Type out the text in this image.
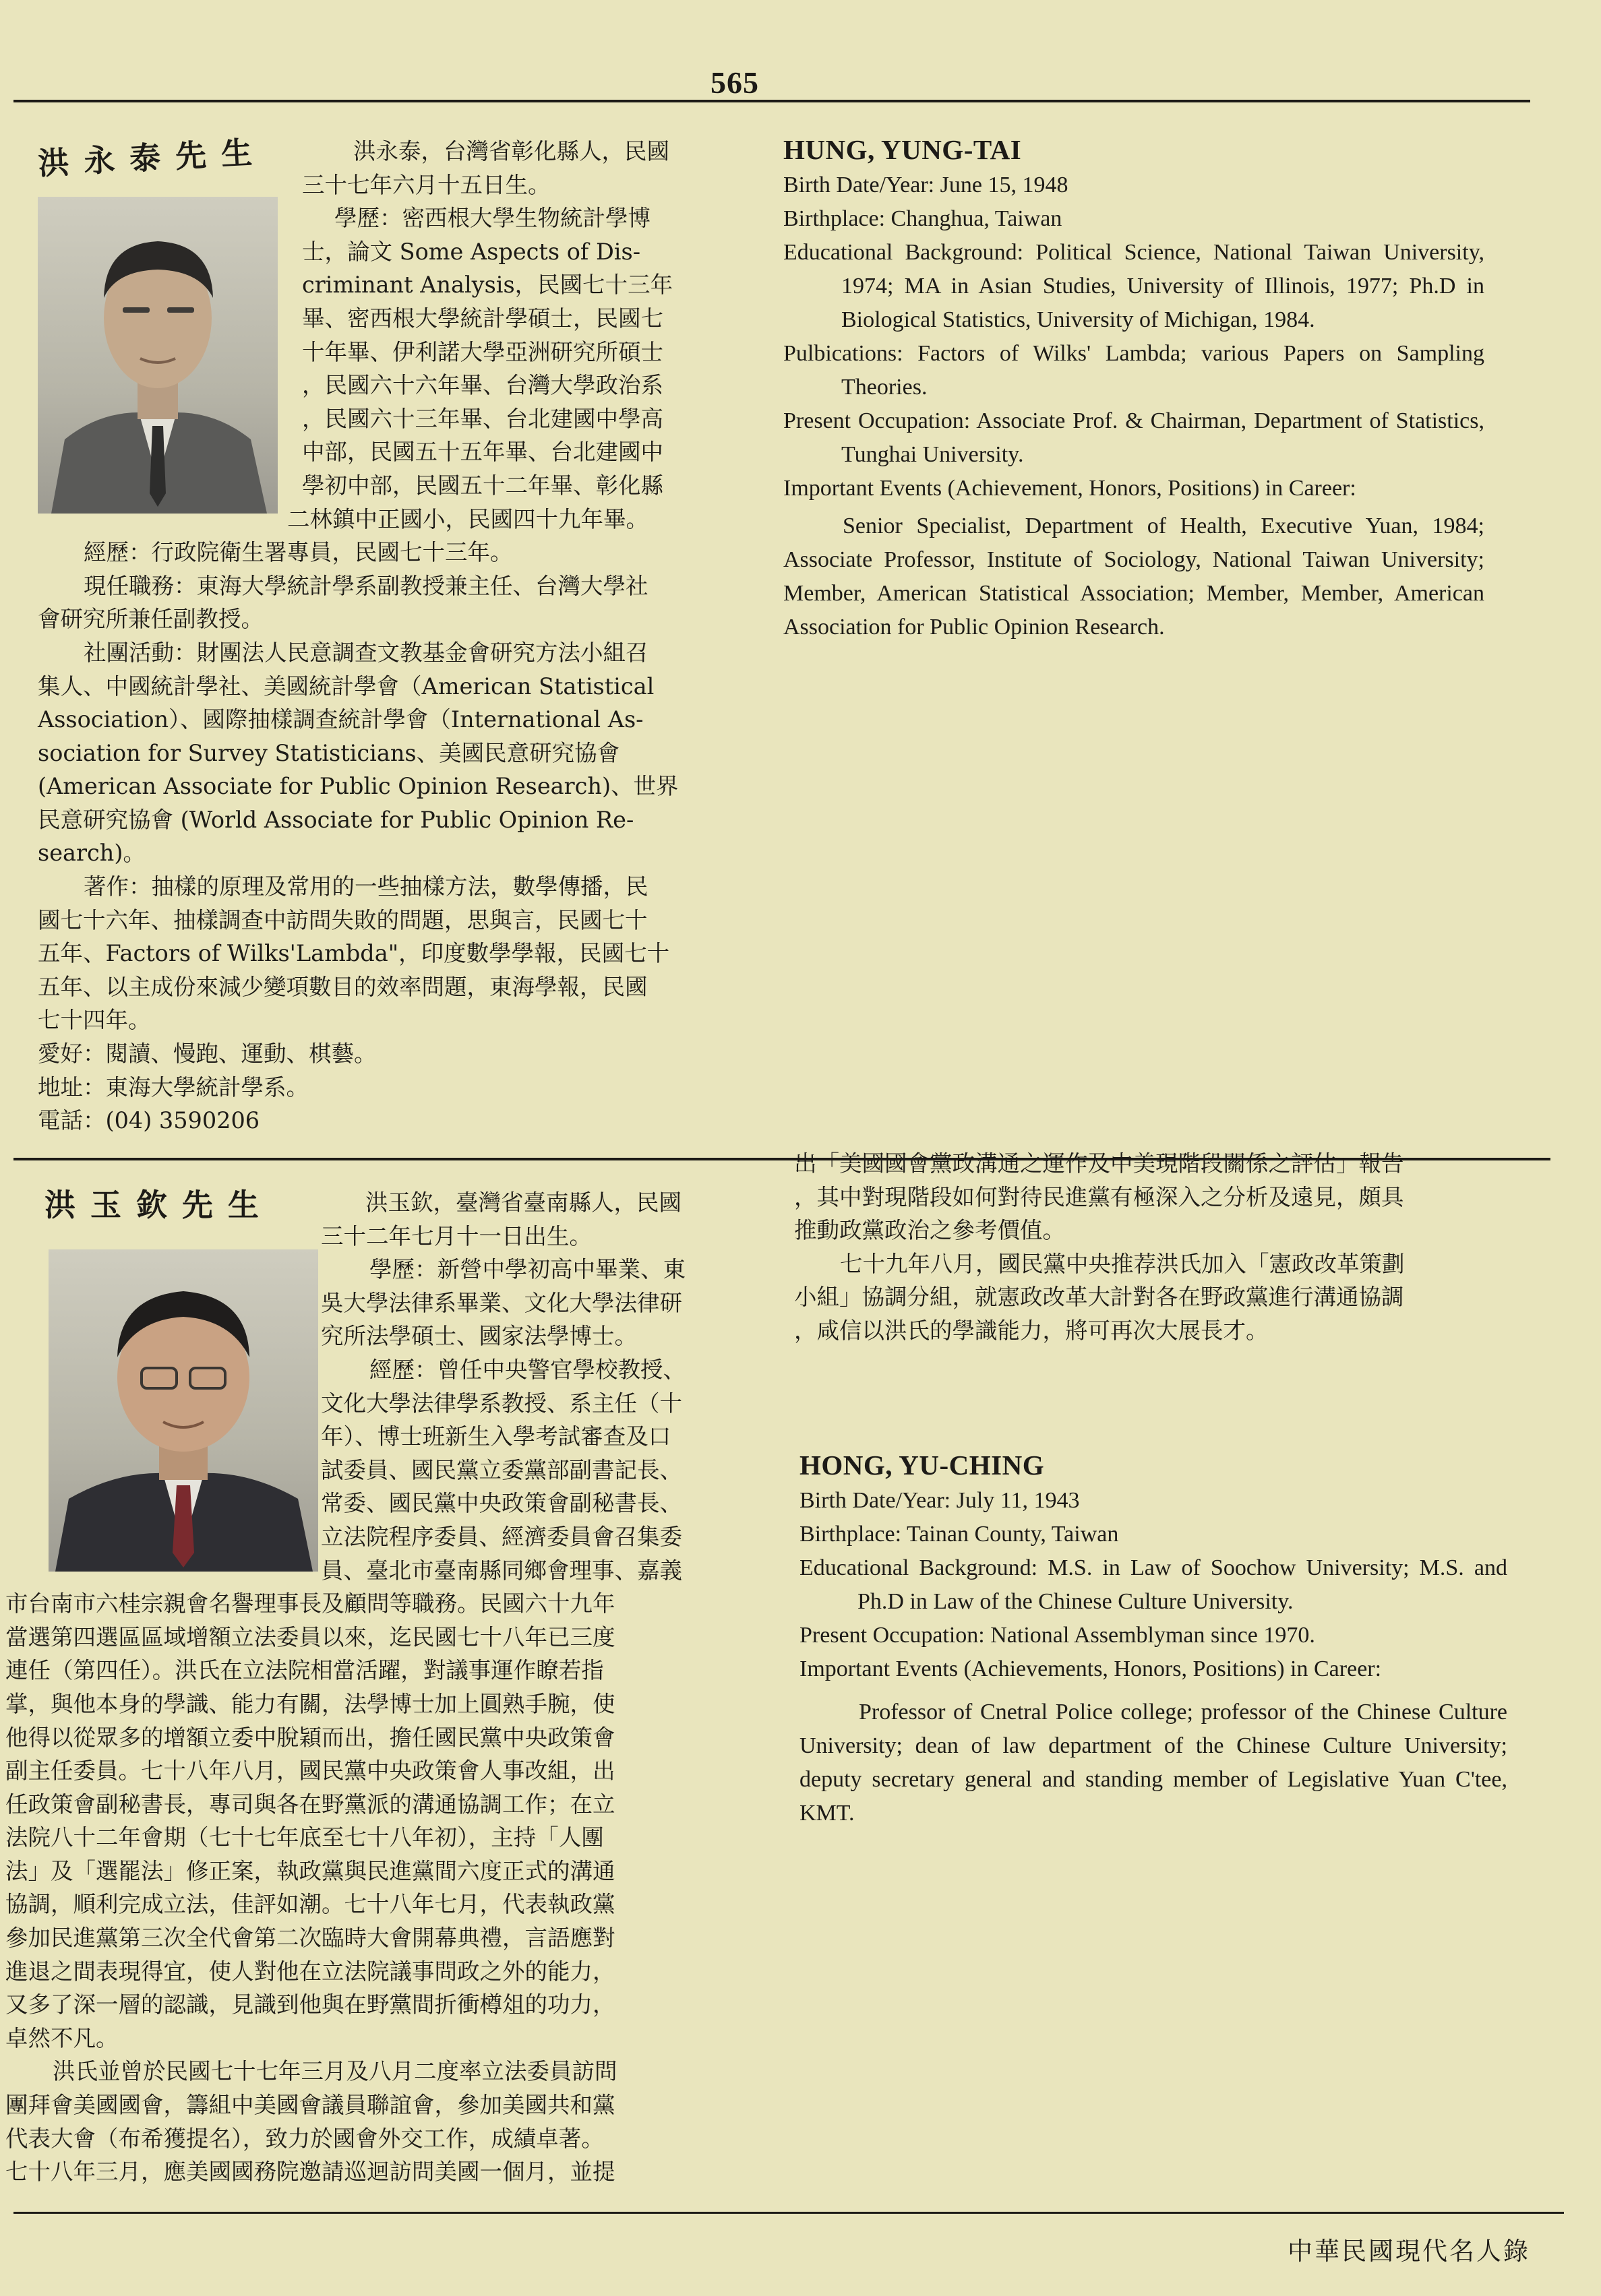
565
洪永泰先生	洪永泰，台灣省彰化縣人，民國
三十七年六月十五日生。
學歷：密西根大學生物統計學博
士，論文 Some Aspects of Dis-
criminant Analysis，民國七十三年
畢、密西根大學統計學碩士，民國七
十年畢、伊利諾大學亞洲研究所碩士
，民國六十六年畢、台灣大學政治系
，民國六十三年畢、台北建國中學高
中部，民國五十五年畢、台北建國中
學初中部，民國五十二年畢、彰化縣
二林鎮中正國小，民國四十九年畢。
經歷：行政院衛生署專員，民國七十三年。
現任職務：東海大學統計學系副教授兼主任、台灣大學社
會研究所兼任副教授。
社團活動：財團法人民意調查文教基金會研究方法小組召
集人、中國統計學社、美國統計學會（American Statistical
Association）、國際抽樣調查統計學會（International As-
sociation for Survey Statisticians、美國民意研究協會
(American Associate for Public Opinion Research)、世界
民意研究協會 (World Associate for Public Opinion Re-
search)。
著作：抽樣的原理及常用的一些抽樣方法，數學傳播，民
國七十六年、抽樣調查中訪問失敗的問題，思與言，民國七十
五年、Factors of Wilks'Lambda"，印度數學學報，民國七十
五年、以主成份來減少變項數目的效率問題，東海學報，民國
七十四年。
愛好：閱讀、慢跑、運動、棋藝。
地址：東海大學統計學系。
電話：(04) 3590206
HUNG, YUNG-TAI
Birth Date/Year: June 15, 1948
Birthplace: Changhua, Taiwan
Educational Background: Political Science, National Taiwan University, 1974; MA in Asian Studies, University of Illinois, 1977; Ph.D in Biological Statistics, University of Michigan, 1984.
Pulbications: Factors of Wilks' Lambda; various Papers on Sampling Theories.
Present Occupation: Associate Prof. & Chairman, Department of Statistics, Tunghai University.
Important Events (Achievement, Honors, Positions) in Career:
Senior Specialist, Department of Health, Executive Yuan, 1984; Associate Professor, Institute of Sociology, National Taiwan University; Member, American Statistical Association; Member, Member, American Association for Public Opinion Research.
洪玉欽先生	洪玉欽，臺灣省臺南縣人，民國
三十二年七月十一日出生。
學歷：新營中學初高中畢業、東
吳大學法律系畢業、文化大學法律研
究所法學碩士、國家法學博士。
經歷：曾任中央警官學校教授、
文化大學法律學系教授、系主任（十
年）、博士班新生入學考試審查及口
試委員、國民黨立委黨部副書記長、
常委、國民黨中央政策會副秘書長、
立法院程序委員、經濟委員會召集委
員、臺北市臺南縣同鄉會理事、嘉義
市台南市六桂宗親會名譽理事長及顧問等職務。民國六十九年
當選第四選區區域增額立法委員以來，迄民國七十八年已三度
連任（第四任）。洪氏在立法院相當活躍，對議事運作瞭若指
掌，與他本身的學識、能力有關，法學博士加上圓熟手腕，使
他得以從眾多的增額立委中脫穎而出，擔任國民黨中央政策會
副主任委員。七十八年八月，國民黨中央政策會人事改組，出
任政策會副秘書長，專司與各在野黨派的溝通協調工作；在立
法院八十二年會期（七十七年底至七十八年初），主持「人團
法」及「選罷法」修正案，執政黨與民進黨間六度正式的溝通
協調，順利完成立法，佳評如潮。七十八年七月，代表執政黨
參加民進黨第三次全代會第二次臨時大會開幕典禮，言語應對
進退之間表現得宜，使人對他在立法院議事問政之外的能力，
又多了深一層的認識，見識到他與在野黨間折衝樽俎的功力，
卓然不凡。
洪氏並曾於民國七十七年三月及八月二度率立法委員訪問
團拜會美國國會，籌組中美國會議員聯誼會，參加美國共和黨
代表大會（布希獲提名），致力於國會外交工作，成績卓著。
七十八年三月，應美國國務院邀請巡迴訪問美國一個月，並提
出「美國國會黨政溝通之運作及中美現階段關係之評估」報告
，其中對現階段如何對待民進黨有極深入之分析及遠見，頗具
推動政黨政治之參考價值。
七十九年八月，國民黨中央推荐洪氏加入「憲政改革策劃
小組」協調分組，就憲政改革大計對各在野政黨進行溝通協調
，咸信以洪氏的學識能力，將可再次大展長才。
HONG, YU-CHING
Birth Date/Year: July 11, 1943
Birthplace: Tainan County, Taiwan
Educational Background: M.S. in Law of Soochow University; M.S. and Ph.D in Law of the Chinese Culture University.
Present Occupation: National Assemblyman since 1970.
Important Events (Achievements, Honors, Positions) in Career:
Professor of Cnetral Police college; professor of the Chinese Culture University; dean of law department of the Chinese Culture University; deputy secretary general and standing member of Legislative Yuan C'tee, KMT.
中華民國現代名人錄
